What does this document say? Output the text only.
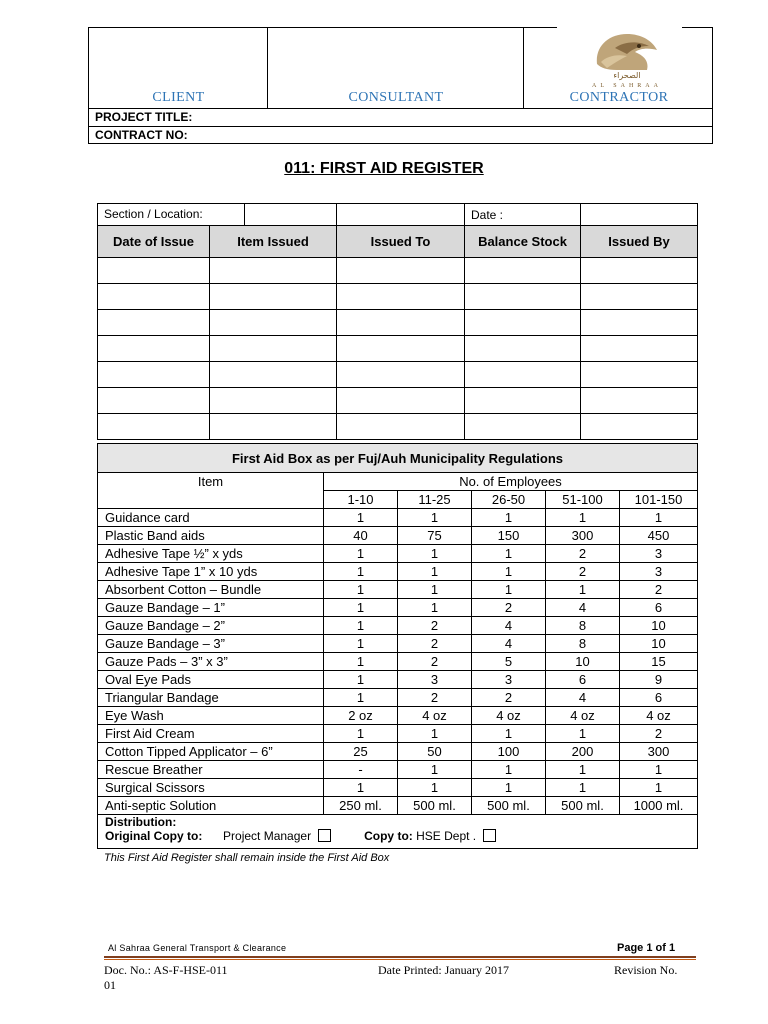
الصحراء
AL SAHRAA
CLIENT	CONSULTANT	CONTRACTOR
PROJECT TITLE:
CONTRACT NO:
011: FIRST AID REGISTER
Section / Location:			Date :	
Date of Issue	Item Issued	Issued To	Balance Stock	Issued By

First Aid Box as per Fuj/Auh Municipality Regulations					
Item	No. of Employees				
	1-10	11-25	26-50	51-100	101-150
Guidance card	1	1	1	1	1
Plastic Band aids	40	75	150	300	450
Adhesive Tape ½” x yds	1	1	1	2	3
Adhesive Tape 1” x 10 yds	1	1	1	2	3
Absorbent Cotton – Bundle	1	1	1	1	2
Gauze Bandage – 1”	1	1	2	4	6
Gauze Bandage – 2”	1	2	4	8	10
Gauze Bandage – 3”	1	2	4	8	10
Gauze Pads – 3” x 3”	1	2	5	10	15
Oval Eye Pads	1	3	3	6	9
Triangular Bandage	1	2	2	4	6
Eye Wash	2 oz	4 oz	4 oz	4 oz	4 oz
First Aid Cream	1	1	1	1	2
Cotton Tipped Applicator – 6”	25	50	100	200	300
Rescue Breather	-	1	1	1	1
Surgical Scissors	1	1	1	1	1
Anti-septic Solution	250 ml.	500 ml.	500 ml.	500 ml.	1000 ml.
Distribution:
Original Copy to: Project Manager Copy to: HSE Dept .					
This First Aid Register shall remain inside the First Aid Box
Al Sahraa General Transport & Clearance	Page 1 of 1
Doc. No.: AS-F-HSE-011	Date Printed: January 2017	Revision No.
01
